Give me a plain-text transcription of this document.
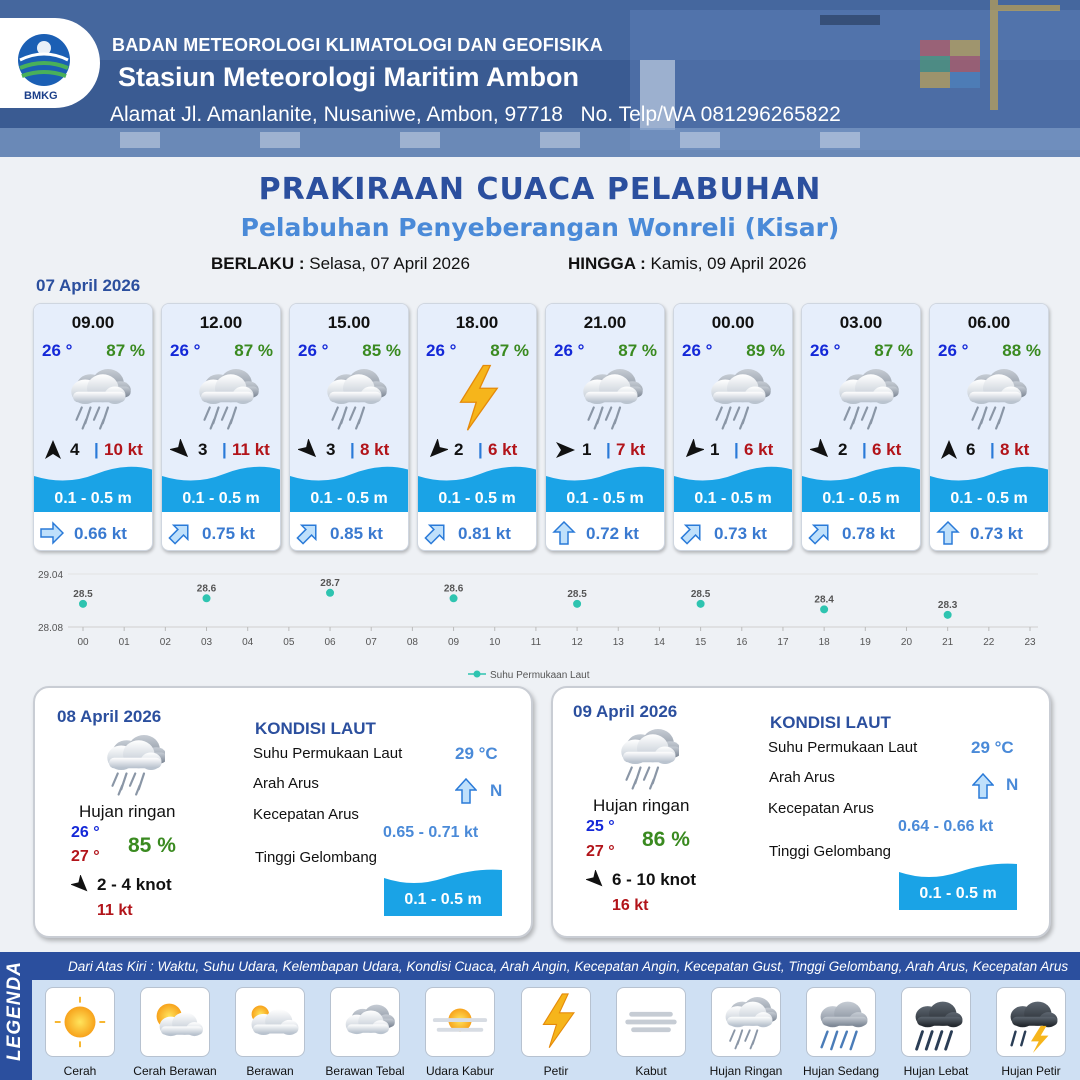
BMKG
BADAN METEOROLOGI KLIMATOLOGI DAN GEOFISIKA
Stasiun Meteorologi Maritim Ambon
Alamat Jl. Amanlanite, Nusaniwe, Ambon, 97718 No. Telp/WA 081296265822
PRAKIRAAN CUACA PELABUHAN
Pelabuhan Penyeberangan Wonreli (Kisar)
BERLAKU : Selasa, 07 April 2026	HINGGA : Kamis, 09 April 2026
07 April 2026
09.00
26 ° 87 %
4 | 10 kt
0.1 - 0.5 m
0.66 kt
12.00
26 ° 87 %
3 | 11 kt
0.1 - 0.5 m
0.75 kt
15.00
26 ° 85 %
3 | 8 kt
0.1 - 0.5 m
0.85 kt
18.00
26 ° 87 %
2 | 6 kt
0.1 - 0.5 m
0.81 kt
21.00
26 ° 87 %
1 | 7 kt
0.1 - 0.5 m
0.72 kt
00.00
26 ° 89 %
1 | 6 kt
0.1 - 0.5 m
0.73 kt
03.00
26 ° 87 %
2 | 6 kt
0.1 - 0.5 m
0.78 kt
06.00
26 ° 88 %
6 | 8 kt
0.1 - 0.5 m
0.73 kt
29.04
28.08
00	01	02	03	04	05	06	07	08	09	10	11	12	13	14	15	16	17	18	19	20	21	22	23
28.5
28.6
28.7
28.6
28.5	28.5
28.4
28.3
Suhu Permukaan Laut
08 April 2026
Hujan ringan
26 °
27 ° 85 %
2 - 4 knot
11 kt
KONDISI LAUT
Suhu Permukaan Laut	29 °C
Arah Arus	N
Kecepatan Arus
0.65 - 0.71 kt
Tinggi Gelombang
0.1 - 0.5 m
09 April 2026
Hujan ringan
25 °
27 °
86 %
6 - 10 knot
16 kt
KONDISI LAUT
Suhu Permukaan Laut	29 °C
Arah Arus	N
Kecepatan Arus
0.64 - 0.66 kt
Tinggi Gelombang
0.1 - 0.5 m
LEGENDA	Dari Atas Kiri : Waktu, Suhu Udara, Kelembapan Udara, Kondisi Cuaca, Arah Angin, Kecepatan Angin, Kecepatan Gust, Tinggi Gelombang, Arah Arus, Kecepatan Arus
Cerah	Cerah Berawan	Berawan	Berawan Tebal	Udara Kabur	Petir	Kabut	Hujan Ringan	Hujan Sedang	Hujan Lebat	Hujan Petir
